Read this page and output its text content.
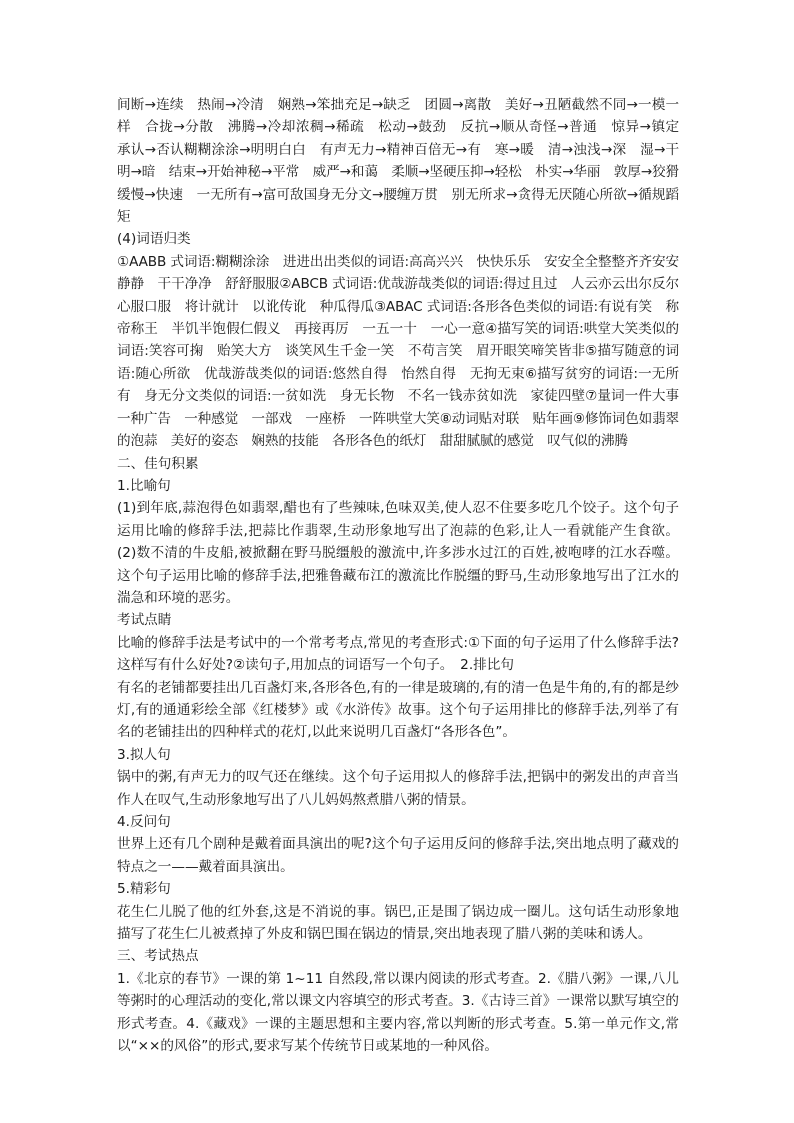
间断→连续　热闹→冷清　娴熟→笨拙充足→缺乏　团圆→离散　美好→丑陋截然不同→一模一样　合拢→分散　沸腾→冷却浓稠→稀疏　松动→鼓劲　反抗→顺从奇怪→普通　惊异→镇定　承认→否认糊糊涂涂→明明白白　有声无力→精神百倍无→有　寒→暖　清→浊浅→深　湿→干　明→暗　结束→开始神秘→平常　威严→和蔼　柔顺→坚硬压抑→轻松　朴实→华丽　敦厚→狡猾缓慢→快速　一无所有→富可敌国身无分文→腰缠万贯　别无所求→贪得无厌随心所欲→循规蹈矩

(4)词语归类

①AABB 式词语:糊糊涂涂　进进出出类似的词语:高高兴兴　快快乐乐　安安全全整整齐齐安安静静　干干净净　舒舒服服②ABCB 式词语:优哉游哉类似的词语:得过且过　人云亦云出尔反尔心服口服　将计就计　以讹传讹　种瓜得瓜③ABAC 式词语:各形各色类似的词语:有说有笑　称帝称王　半饥半饱假仁假义　再接再厉　一五一十　一心一意④描写笑的词语:哄堂大笑类似的词语:笑容可掬　贻笑大方　谈笑风生千金一笑　不苟言笑　眉开眼笑啼笑皆非⑤描写随意的词语:随心所欲　优哉游哉类似的词语:悠然自得　怡然自得　无拘无束⑥描写贫穷的词语:一无所有　身无分文类似的词语:一贫如洗　身无长物　不名一钱赤贫如洗　家徒四壁⑦量词一件大事　一种广告　一种感觉　一部戏　一座桥　一阵哄堂大笑⑧动词贴对联　贴年画⑨修饰词色如翡翠的泡蒜　美好的姿态　娴熟的技能　各形各色的纸灯　甜甜腻腻的感觉　叹气似的沸腾

二、佳句积累

1.比喻句

(1)到年底,蒜泡得色如翡翠,醋也有了些辣味,色味双美,使人忍不住要多吃几个饺子。这个句子运用比喻的修辞手法,把蒜比作翡翠,生动形象地写出了泡蒜的色彩,让人一看就能产生食欲。(2)数不清的牛皮船,被掀翻在野马脱缰般的激流中,许多涉水过江的百姓,被咆哮的江水吞噬。这个句子运用比喻的修辞手法,把雅鲁藏布江的激流比作脱缰的野马,生动形象地写出了江水的湍急和环境的恶劣。

考试点睛

比喻的修辞手法是考试中的一个常考考点,常见的考查形式:①下面的句子运用了什么修辞手法?这样写有什么好处?②读句子,用加点的词语写一个句子。　2.排比句

有名的老铺都要挂出几百盏灯来,各形各色,有的一律是玻璃的,有的清一色是牛角的,有的都是纱灯,有的通通彩绘全部《红楼梦》或《水浒传》故事。这个句子运用排比的修辞手法,列举了有名的老铺挂出的四种样式的花灯,以此来说明几百盏灯“各形各色”。

3.拟人句

锅中的粥,有声无力的叹气还在继续。这个句子运用拟人的修辞手法,把锅中的粥发出的声音当作人在叹气,生动形象地写出了八儿妈妈熬煮腊八粥的情景。

4.反问句

世界上还有几个剧种是戴着面具演出的呢?这个句子运用反问的修辞手法,突出地点明了藏戏的特点之一——戴着面具演出。

5.精彩句

花生仁儿脱了他的红外套,这是不消说的事。锅巴,正是围了锅边成一圈儿。这句话生动形象地描写了花生仁儿被煮掉了外皮和锅巴围在锅边的情景,突出地表现了腊八粥的美味和诱人。

三、考试热点

1.《北京的春节》一课的第 1~11 自然段,常以课内阅读的形式考查。2.《腊八粥》一课,八儿等粥时的心理活动的变化,常以课文内容填空的形式考查。3.《古诗三首》一课常以默写填空的形式考查。4.《藏戏》一课的主题思想和主要内容,常以判断的形式考查。5.第一单元作文,常以“××的风俗”的形式,要求写某个传统节日或某地的一种风俗。
